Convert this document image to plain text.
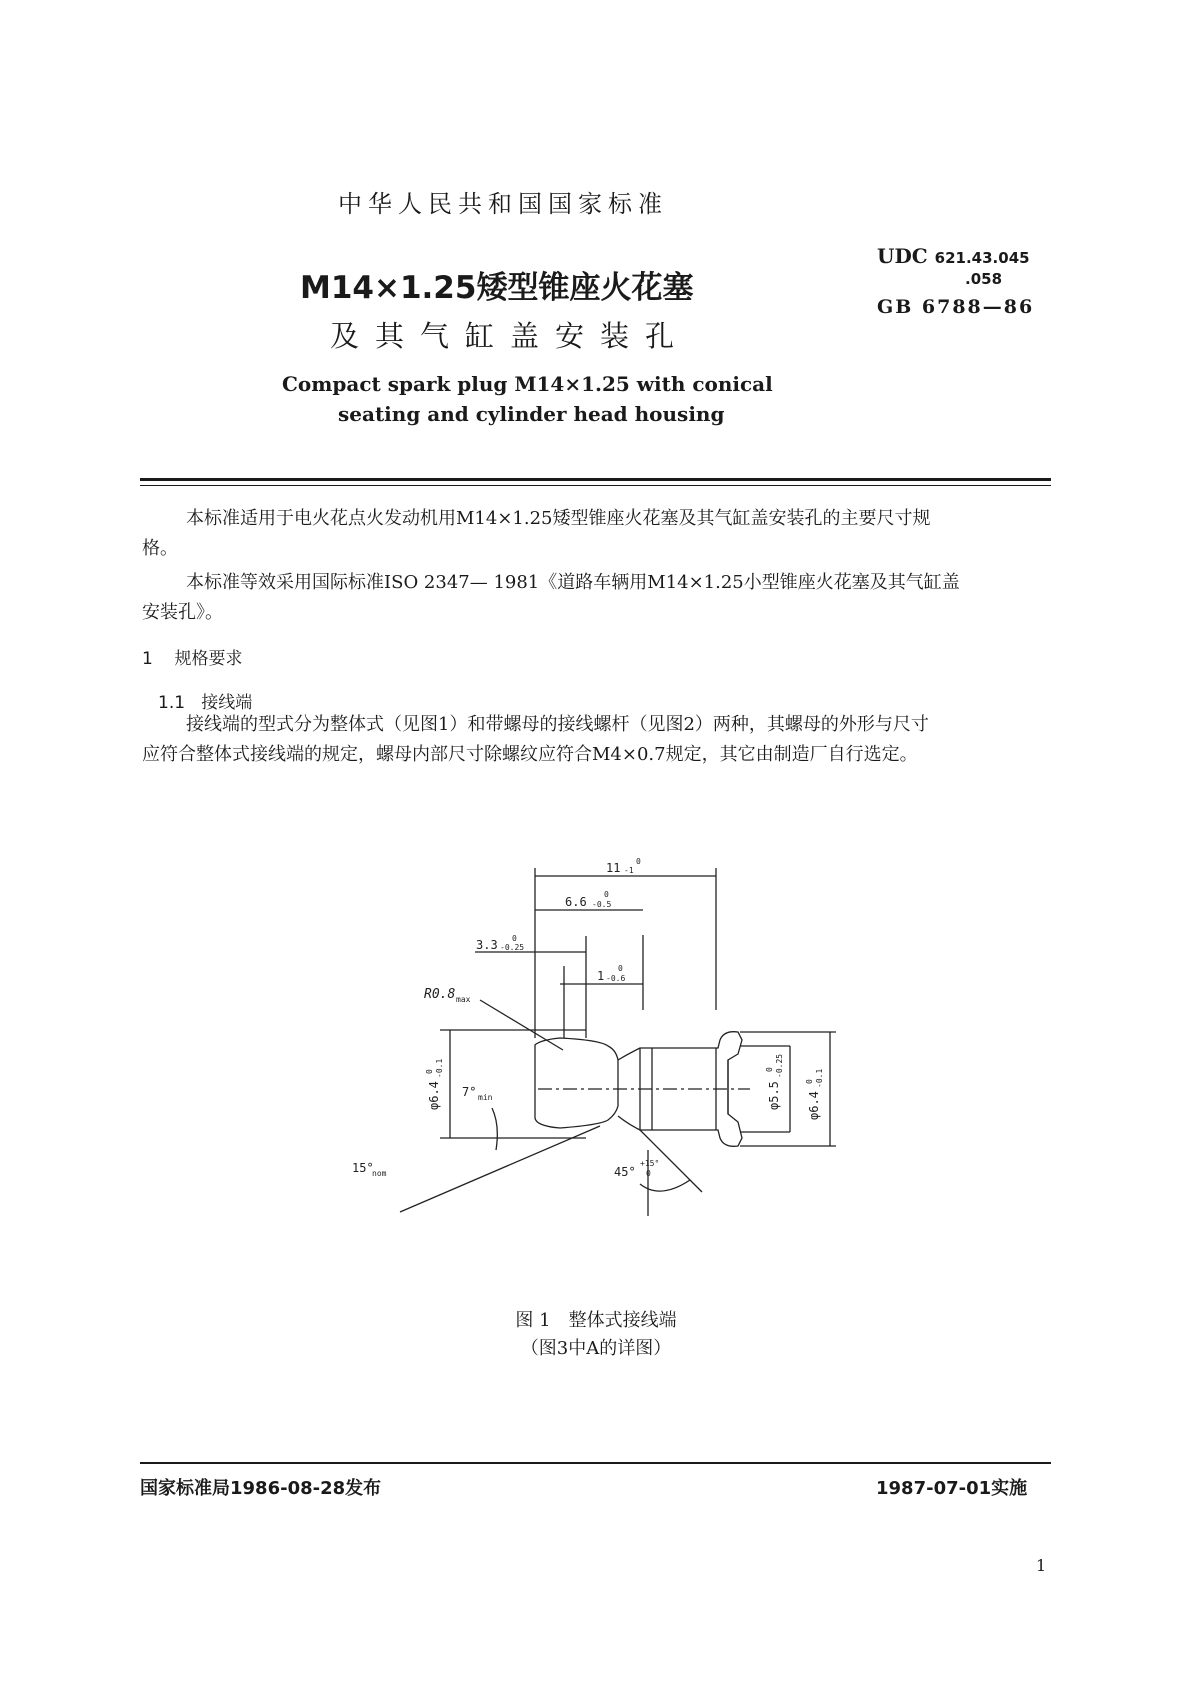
中华人民共和国国家标准
M14×1.25矮型锥座火花塞
及其气缸盖安装孔
Compact spark plug M14×1.25 with conical
seating and cylinder head housing
UDC 621.43.045
.058
GB 6788—86
本标准适用于电火花点火发动机用M14×1.25矮型锥座火花塞及其气缸盖安装孔的主要尺寸规
格。
本标准等效采用国际标准ISO 2347— 1981《道路车辆用M14×1.25小型锥座火花塞及其气缸盖
安装孔》。
1 规格要求
1.1 接线端
接线端的型式分为整体式（见图1）和带螺母的接线螺杆（见图2）两种，其螺母的外形与尺寸
应符合整体式接线端的规定，螺母内部尺寸除螺纹应符合M4×0.7规定，其它由制造厂自行选定。
11 -1
0
6.6 -0.5
0
3.3 -0.25
0
1 -0.6
0
R0.8 max
φ6.4
-0.1
0
φ5.5
-0.25
0
φ6.4
-0.1
0
7° min
15°
nom	45°
+15°
0
图 1　整体式接线端
（图3中A的详图）
国家标准局1986-08-28发布	1987-07-01实施
1
